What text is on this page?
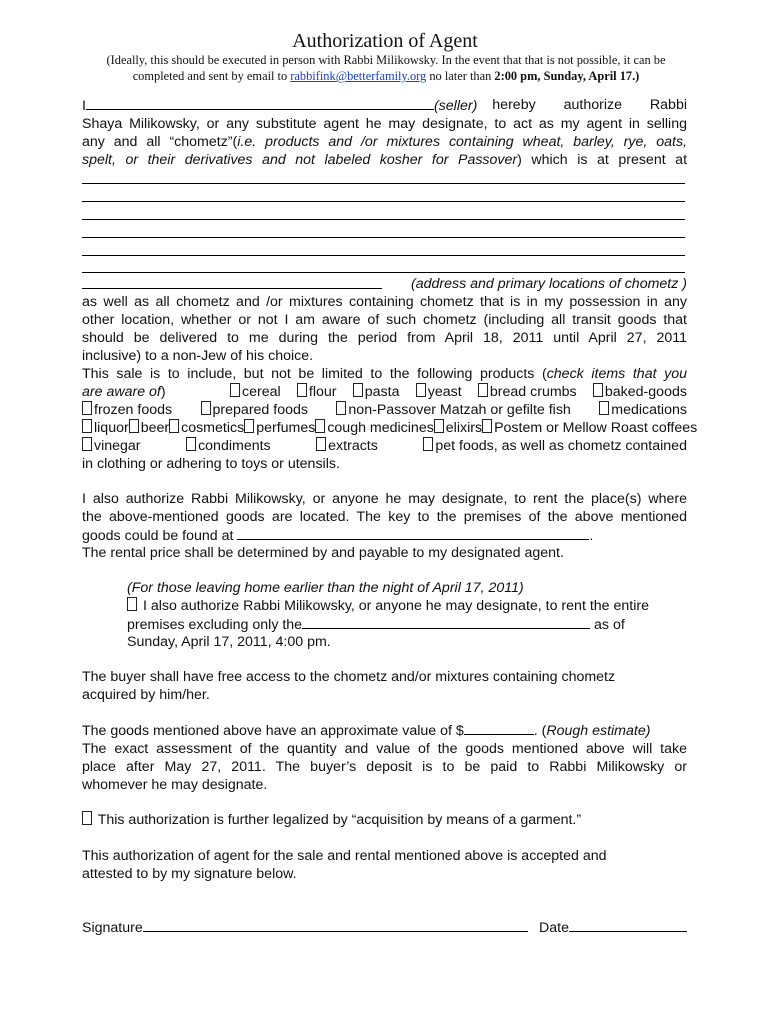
Authorization of Agent
(Ideally, this should be executed in person with Rabbi Milikowsky. In the event that that is not possible, it can be
completed and sent by email to rabbifink@betterfamily.org no later than 2:00 pm, Sunday, April 17.)
I	(seller) hereby authorize Rabbi
Shaya Milikowsky, or any substitute agent he may designate, to act as my agent in selling
any and all “chometz”(i.e. products and /or mixtures containing wheat, barley, rye, oats,
spelt, or their derivatives and not labeled kosher for Passover) which is at present at
(address and primary locations of chometz )
as well as all chometz and /or mixtures containing chometz that is in my possession in any
other location, whether or not I am aware of such chometz (including all transit goods that
should be delivered to me during the period from April 18, 2011 until April 27, 2011
inclusive) to a non-Jew of his choice.
This sale is to include, but not be limited to the following products (check items that you
are aware of)	cereal	flour	pasta	yeast	bread crumbs	baked-goods
frozen foods	prepared foods	non-Passover Matzah or gefilte fish	medications
liquor beer cosmetics perfumes cough medicines elixirs Postem or Mellow Roast coffees
vinegar	condiments	extracts	pet foods, as well as chometz contained
in clothing or adhering to toys or utensils.
I also authorize Rabbi Milikowsky, or anyone he may designate, to rent the place(s) where
the above-mentioned goods are located. The key to the premises of the above mentioned
goods could be found at	.
The rental price shall be determined by and payable to my designated agent.
(For those leaving home earlier than the night of April 17, 2011)
I also authorize Rabbi Milikowsky, or anyone he may designate, to rent the entire
premises excluding only the	as of
Sunday, April 17, 2011, 4:00 pm.
The buyer shall have free access to the chometz and/or mixtures containing chometz
acquired by him/her.
The goods mentioned above have an approximate value of $	. (Rough estimate)
The exact assessment of the quantity and value of the goods mentioned above will take
place after May 27, 2011. The buyer’s deposit is to be paid to Rabbi Milikowsky or
whomever he may designate.
This authorization is further legalized by “acquisition by means of a garment.”
This authorization of agent for the sale and rental mentioned above is accepted and
attested to by my signature below.
Signature	Date
